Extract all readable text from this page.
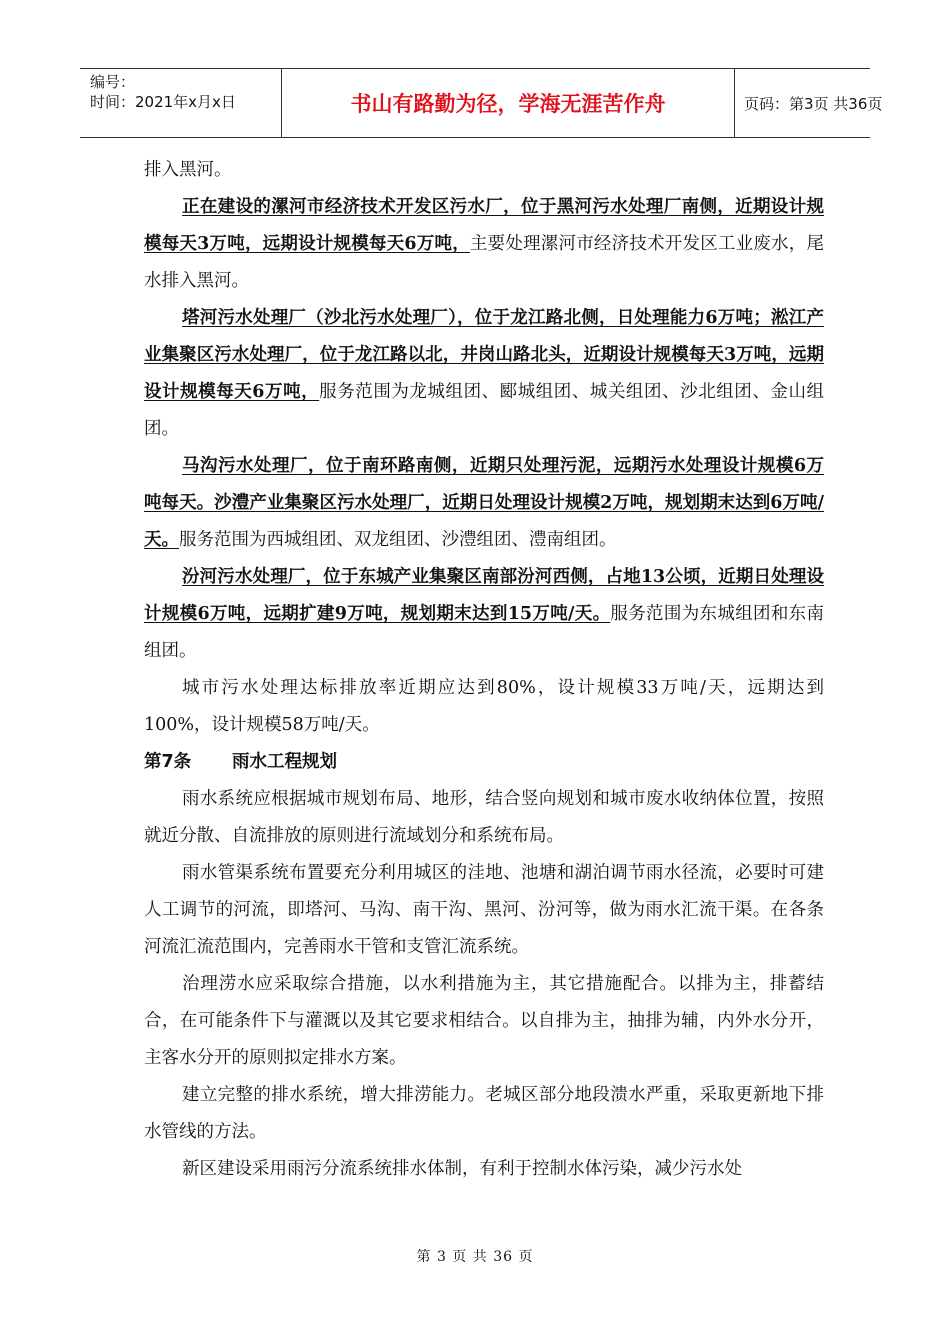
编号：
时间：2021年x月x日	书山有路勤为径，学海无涯苦作舟	页码：第3页 共36页

排入黑河。

正在建设的漯河市经济技术开发区污水厂，位于黑河污水处理厂南侧，近期设计规模每天3万吨，远期设计规模每天6万吨，主要处理漯河市经济技术开发区工业废水，尾水排入黑河。

塔河污水处理厂（沙北污水处理厂），位于龙江路北侧，日处理能力6万吨；淞江产业集聚区污水处理厂，位于龙江路以北，井岗山路北头，近期设计规模每天3万吨，远期设计规模每天6万吨，服务范围为龙城组团、郾城组团、城关组团、沙北组团、金山组团。

马沟污水处理厂，位于南环路南侧，近期只处理污泥，远期污水处理设计规模6万吨每天。沙澧产业集聚区污水处理厂，近期日处理设计规模2万吨，规划期末达到6万吨/天。服务范围为西城组团、双龙组团、沙澧组团、澧南组团。

汾河污水处理厂，位于东城产业集聚区南部汾河西侧，占地13公顷，近期日处理设计规模6万吨，远期扩建9万吨，规划期末达到15万吨/天。服务范围为东城组团和东南组团。

城市污水处理达标排放率近期应达到80%，设计规模33万吨/天，远期达到100%，设计规模58万吨/天。

第7条 雨水工程规划

雨水系统应根据城市规划布局、地形，结合竖向规划和城市废水收纳体位置，按照就近分散、自流排放的原则进行流域划分和系统布局。

雨水管渠系统布置要充分利用城区的洼地、池塘和湖泊调节雨水径流，必要时可建人工调节的河流，即塔河、马沟、南干沟、黑河、汾河等，做为雨水汇流干渠。在各条河流汇流范围内，完善雨水干管和支管汇流系统。

治理涝水应采取综合措施，以水利措施为主，其它措施配合。以排为主，排蓄结合，在可能条件下与灌溉以及其它要求相结合。以自排为主，抽排为辅，内外水分开，主客水分开的原则拟定排水方案。

建立完整的排水系统，增大排涝能力。老城区部分地段溃水严重，采取更新地下排水管线的方法。

新区建设采用雨污分流系统排水体制，有利于控制水体污染，减少污水处

第 3 页 共 36 页
